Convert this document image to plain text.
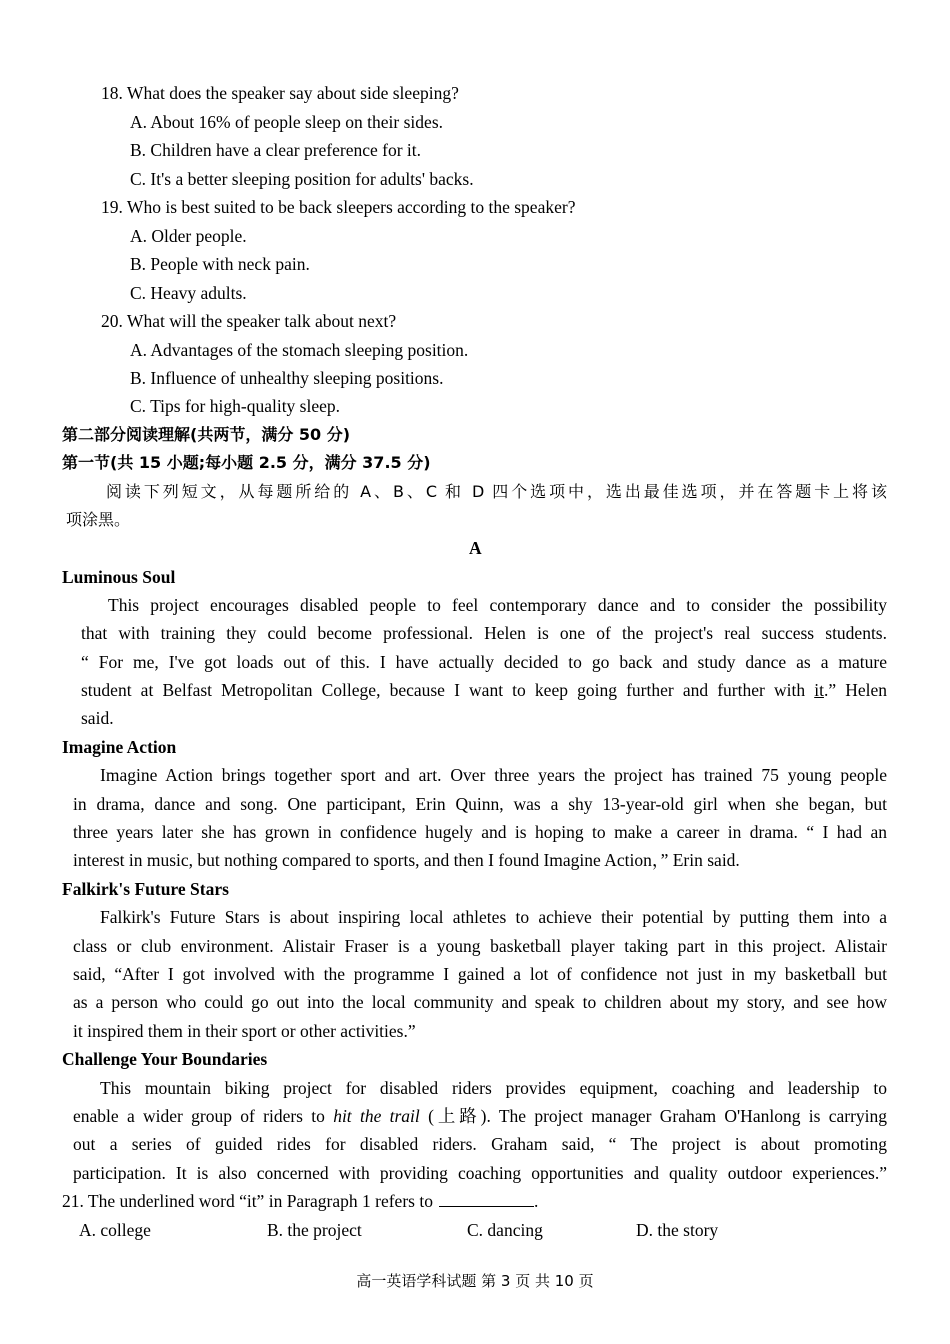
18. What does the speaker say about side sleeping?
A. About 16% of people sleep on their sides.
B. Children have a clear preference for it.
C. It's a better sleeping position for adults' backs.
19. Who is best suited to be back sleepers according to the speaker?
A. Older people.
B. People with neck pain.
C. Heavy adults.
20. What will the speaker talk about next?
A. Advantages of the stomach sleeping position.
B. Influence of unhealthy sleeping positions.
C. Tips for high-quality sleep.
第二部分阅读理解(共两节，满分 50 分)
第一节(共 15 小题;每小题 2.5 分，满分 37.5 分)
阅读下列短文，从每题所给的 A、B、C 和 D 四个选项中，选出最佳选项，并在答题卡上将该
项涂黑。
A
Luminous Soul
This project encourages disabled people to feel contemporary dance and to consider the possibility
that with training they could become professional. Helen is one of the project's real success students.
“ For me, I've got loads out of this. I have actually decided to go back and study dance as a mature
student at Belfast Metropolitan College, because I want to keep going further and further with it.” Helen
said.
Imagine Action
Imagine Action brings together sport and art. Over three years the project has trained 75 young people
in drama, dance and song. One participant, Erin Quinn, was a shy 13-year-old girl when she began, but
three years later she has grown in confidence hugely and is hoping to make a career in drama. “ I had an
interest in music, but nothing compared to sports, and then I found Imagine Action，” Erin said.
Falkirk's Future Stars
Falkirk's Future Stars is about inspiring local athletes to achieve their potential by putting them into a
class or club environment. Alistair Fraser is a young basketball player taking part in this project. Alistair
said, “After I got involved with the programme I gained a lot of confidence not just in my basketball but
as a person who could go out into the local community and speak to children about my story, and see how
it inspired them in their sport or other activities.”
Challenge Your Boundaries
This mountain biking project for disabled riders provides equipment, coaching and leadership to
enable a wider group of riders to hit the trail (上路). The project manager Graham O'Hanlong is carrying
out a series of guided rides for disabled riders. Graham said, “ The project is about promoting
participation. It is also concerned with providing coaching opportunities and quality outdoor experiences.”
21. The underlined word “it” in Paragraph 1 refers to	.
A. college	B. the project	C. dancing	D. the story
高一英语学科试题 第 3 页 共 10 页
